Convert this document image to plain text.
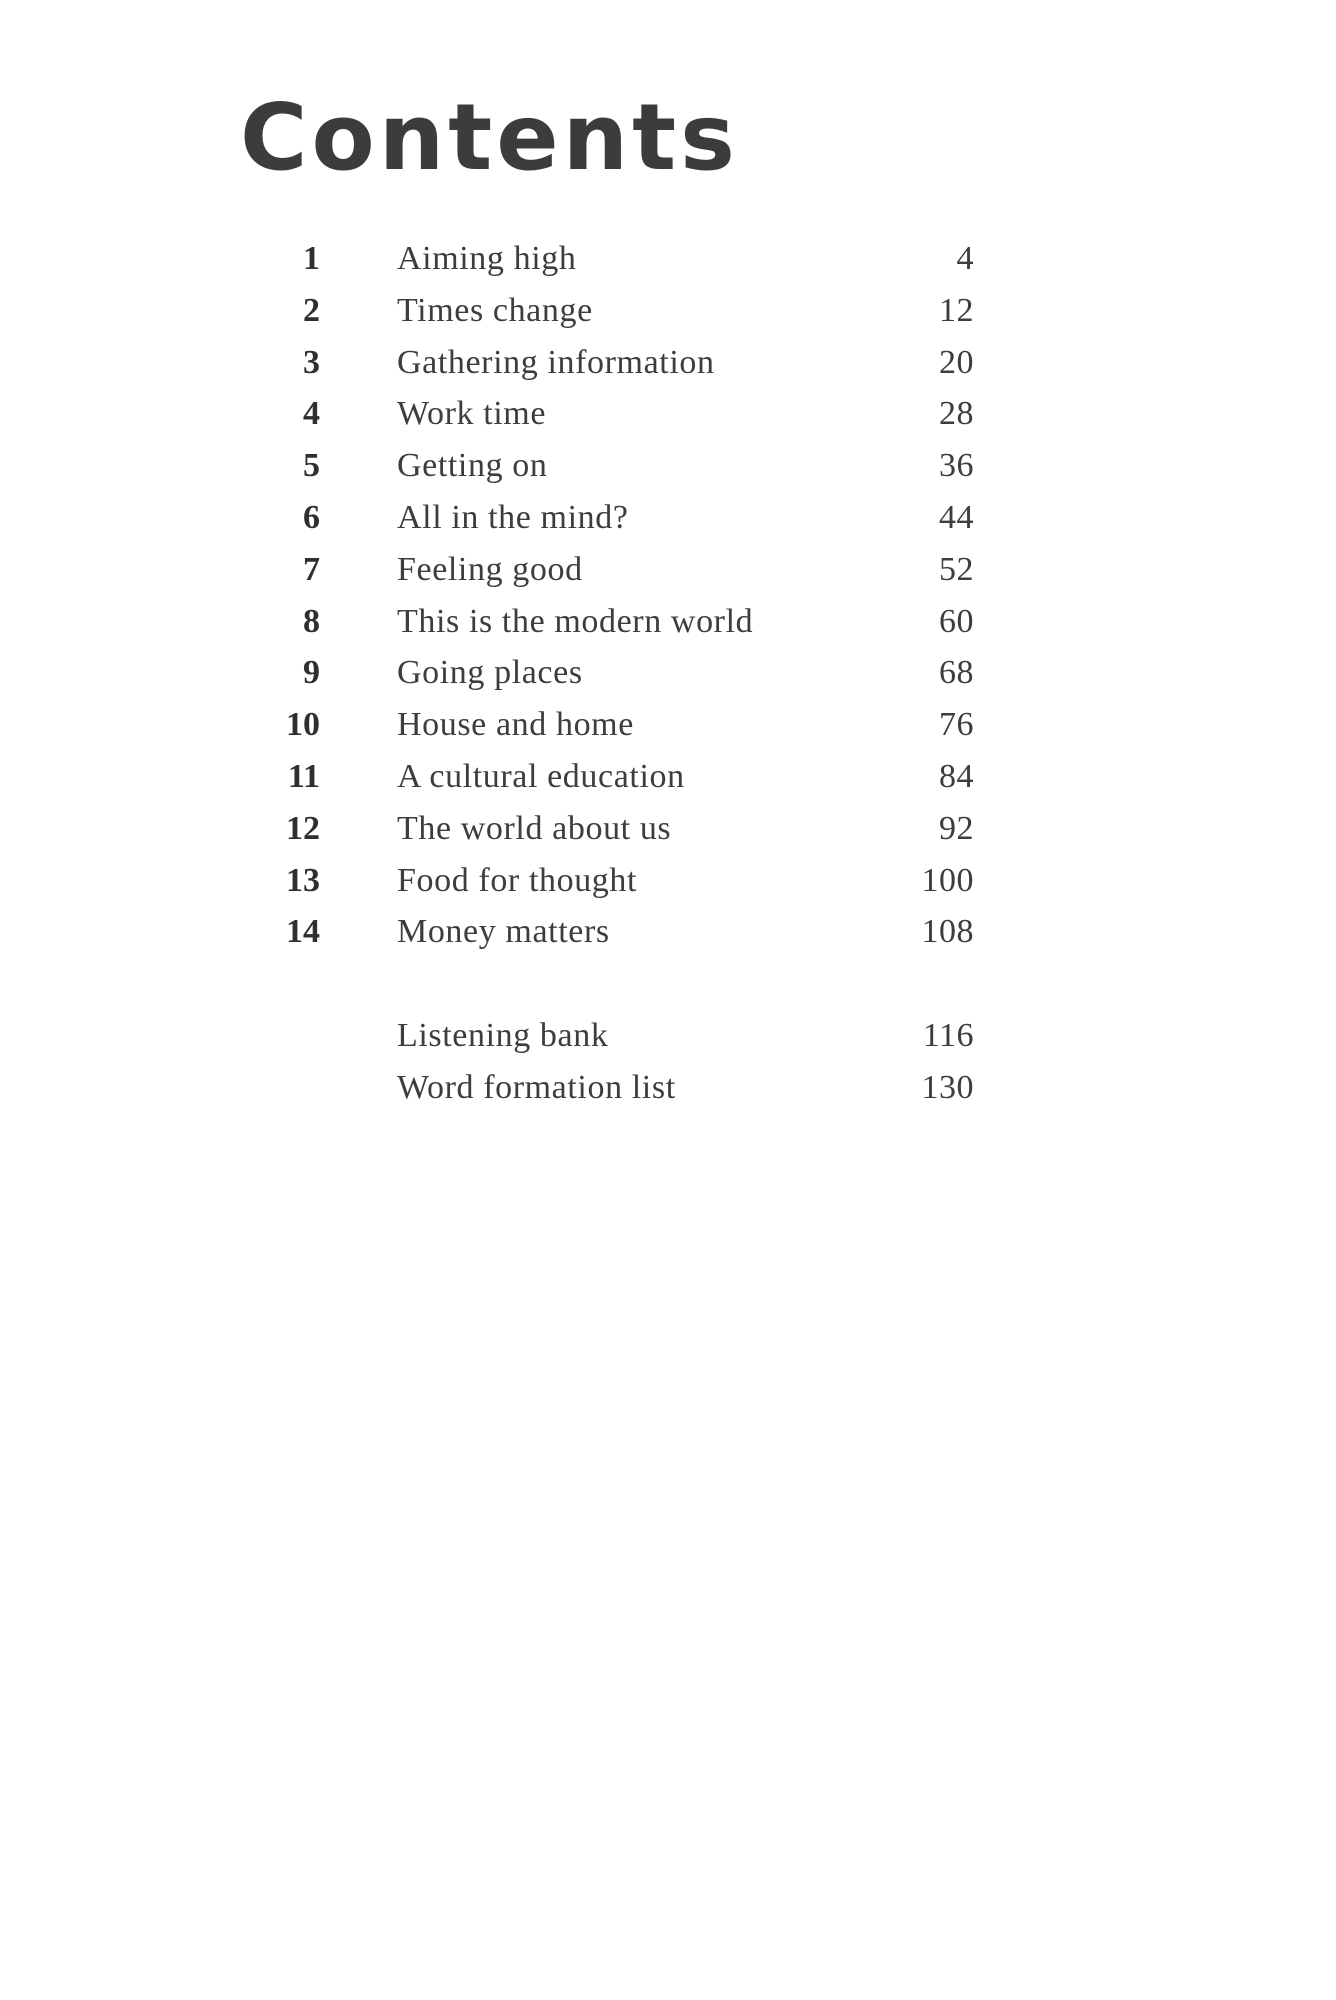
Contents
1 Aiming high	4
2 Times change	12
3 Gathering information	20
4 Work time	28
5 Getting on	36
6 All in the mind?	44
7 Feeling good	52
8 This is the modern world	60
9 Going places	68
10 House and home	76
11 A cultural education	84
12 The world about us	92
13 Food for thought	100
14 Money matters	108
Listening bank	116
Word formation list	130
